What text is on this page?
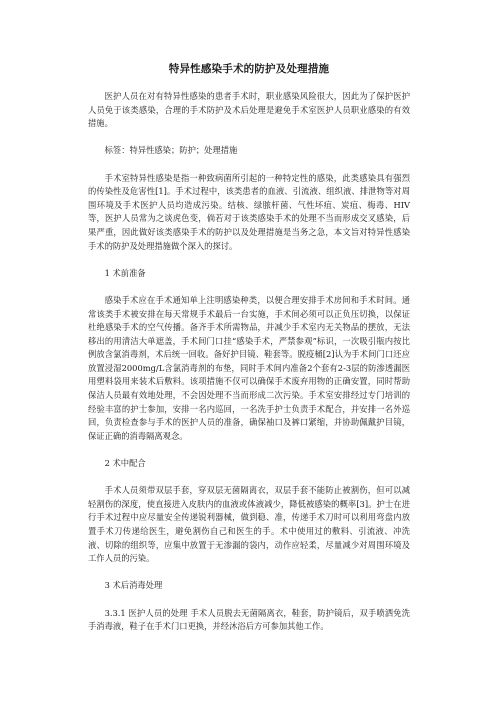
特异性感染手术的防护及处理措施

医护人员在对有特异性感染的患者手术时，职业感染风险很大，因此为了保护医护人员免于该类感染，合理的手术防护及术后处理是避免手术室医护人员职业感染的有效措施。

标签：特异性感染；防护；处理措施

手术室特异性感染是指一种致病菌所引起的一种特定性的感染，此类感染具有强烈的传染性及危害性[1]。手术过程中，该类患者的血液、引流液、组织液、排泄物等对周围环境及手术医护人员均造成污染。结核、绿脓杆菌、气性坏疽、炭疽、梅毒、HIV等，医护人员常为之谈虎色变，倘若对于该类感染手术的处理不当而形成交叉感染，后果严重，因此做好该类感染手术的防护以及处理措施是当务之急，本文旨对特异性感染手术的防护及处理措施做个深入的探讨。

1 术前准备

感染手术应在手术通知单上注明感染种类，以便合理安排手术房间和手术时间。通常该类手术被安排在每天常规手术最后一台实施，手术间必须可以正负压切换，以保证杜绝感染手术的空气传播。备齐手术所需物品，并减少手术室内无关物品的摆放，无法移出的用清洁大单遮盖，手术间门口挂“感染手术，严禁参观”标识，一次吸引瓶内按比例放含氯消毒剂，术后统一回收。备好护目镜、鞋套等。脱疫桶[2]认为手术间门口还应放置浸湿2000mg/L含氯消毒剂的布垫，同时手术间内准备2个套有2-3层的防渗透漏医用塑料袋用来装术后敷料。该项措施不仅可以确保手术废弃用物的正确安置，同时帮助保洁人员最有效地处理，不会因处理不当而形成二次污染。手术室安排经过专门培训的经验丰富的护士参加，安排一名内巡回，一名洗手护士负责手术配合，并安排一名外巡回，负责检查参与手术的医护人员的准备，确保袖口及裤口紧缩，并协助佩戴护目镜，保证正确的消毒隔离观念。

2 术中配合

手术人员须带双层手套，穿双层无菌隔离衣，双层手套不能防止被割伤，但可以减轻割伤的深度，使直接进入皮肤内的血液或体液减少，降低被感染的概率[3]。护士在进行手术过程中应尽量安全传递锐利器械，做到稳、准，传递手术刀时可以利用弯盘内放置手术刀传递给医生，避免割伤自己和医生的手。术中使用过的敷料、引流液、冲洗液、切除的组织等，应集中放置于无渗漏的袋内，动作应轻柔，尽量减少对周围环境及工作人员的污染。

3 术后消毒处理

3.3.1 医护人员的处理 手术人员脱去无菌隔离衣，鞋套，防护镜后，双手喷洒免洗手消毒液，鞋子在手术门口更换，并经沐浴后方可参加其他工作。
